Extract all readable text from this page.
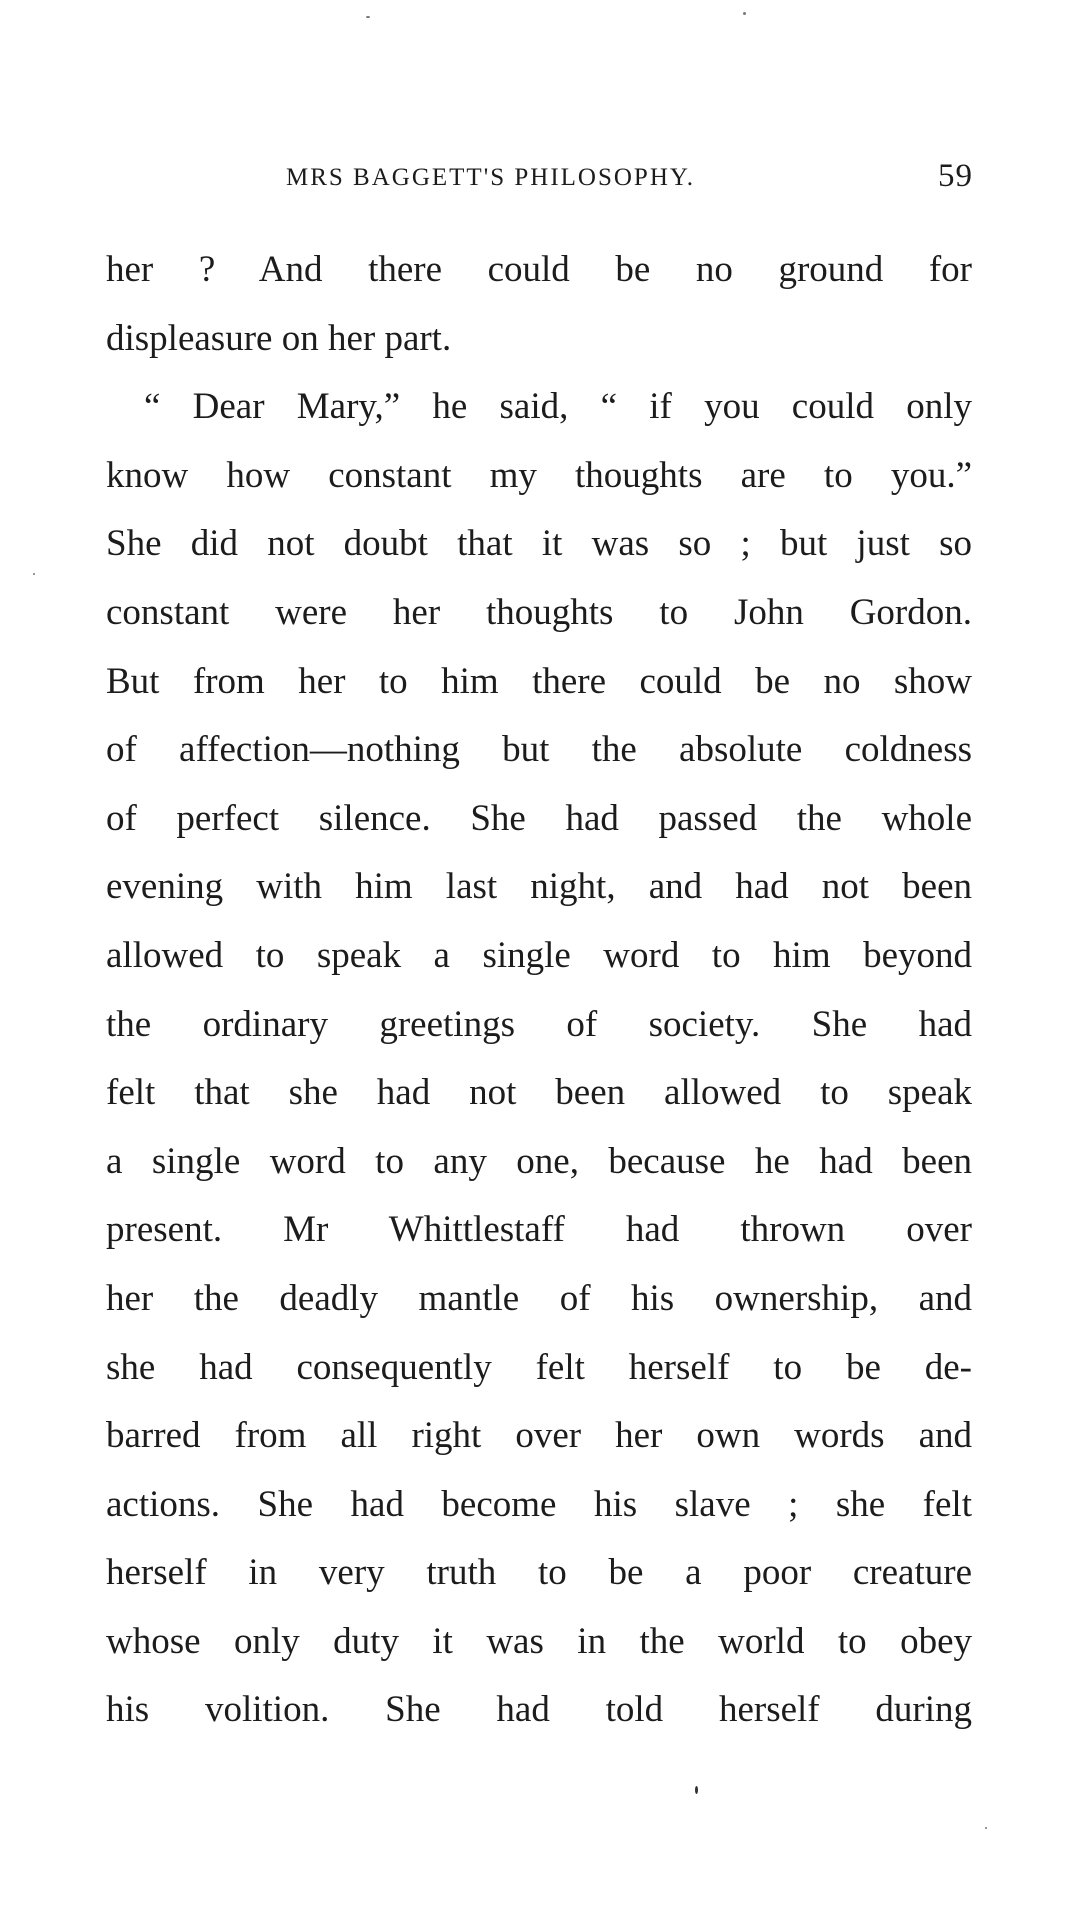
MRS BAGGETT'S PHILOSOPHY.	59
her ? And there could be no ground for
displeasure on her part.
“ Dear Mary,” he said, “ if you could only
know how constant my thoughts are to you.”
She did not doubt that it was so ; but just so
constant were her thoughts to John Gordon.
But from her to him there could be no show
of affection—nothing but the absolute coldness
of perfect silence. She had passed the whole
evening with him last night, and had not been
allowed to speak a single word to him beyond
the ordinary greetings of society. She had
felt that she had not been allowed to speak
a single word to any one, because he had been
present. Mr Whittlestaff had thrown over
her the deadly mantle of his ownership, and
she had consequently felt herself to be de-
barred from all right over her own words and
actions. She had become his slave ; she felt
herself in very truth to be a poor creature
whose only duty it was in the world to obey
his volition. She had told herself during
